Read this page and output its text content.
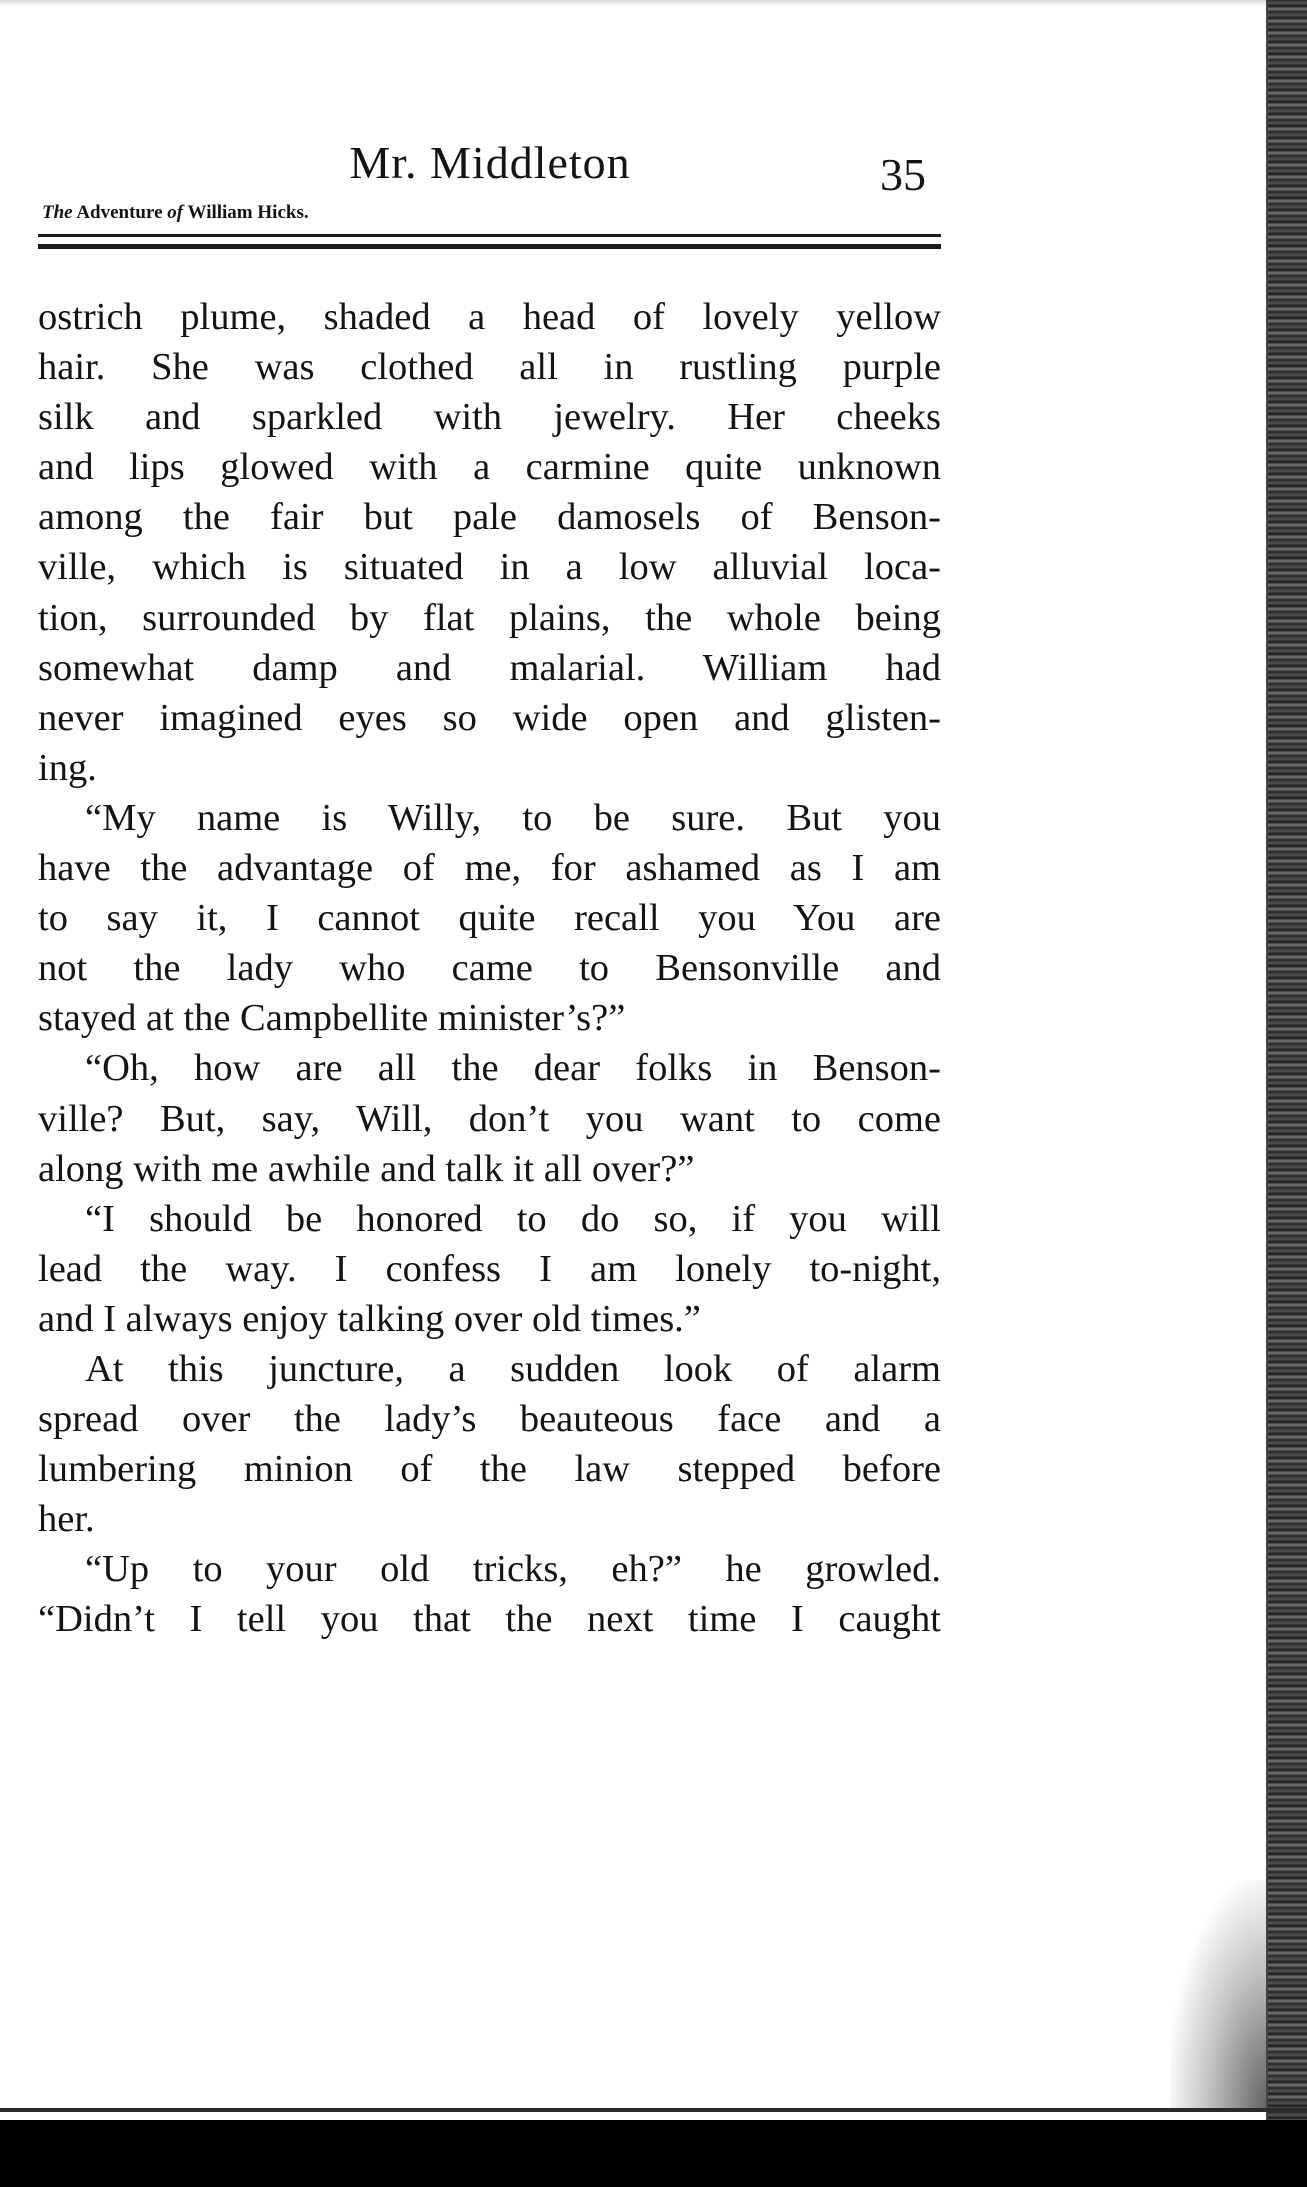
Mr. Middleton	35
The Adventure of William Hicks.
ostrich plume, shaded a head of lovely yellow
hair. She was clothed all in rustling purple
silk and sparkled with jewelry. Her cheeks
and lips glowed with a carmine quite unknown
among the fair but pale damosels of Benson-
ville, which is situated in a low alluvial loca-
tion, surrounded by flat plains, the whole being
somewhat damp and malarial. William had
never imagined eyes so wide open and glisten-
ing.
“My name is Willy, to be sure. But you
have the advantage of me, for ashamed as I am
to say it, I cannot quite recall you You are
not the lady who came to Bensonville and
stayed at the Campbellite minister’s?”
“Oh, how are all the dear folks in Benson-
ville? But, say, Will, don’t you want to come
along with me awhile and talk it all over?”
“I should be honored to do so, if you will
lead the way. I confess I am lonely to-night,
and I always enjoy talking over old times.”
At this juncture, a sudden look of alarm
spread over the lady’s beauteous face and a
lumbering minion of the law stepped before
her.
“Up to your old tricks, eh?” he growled.
“Didn’t I tell you that the next time I caught
